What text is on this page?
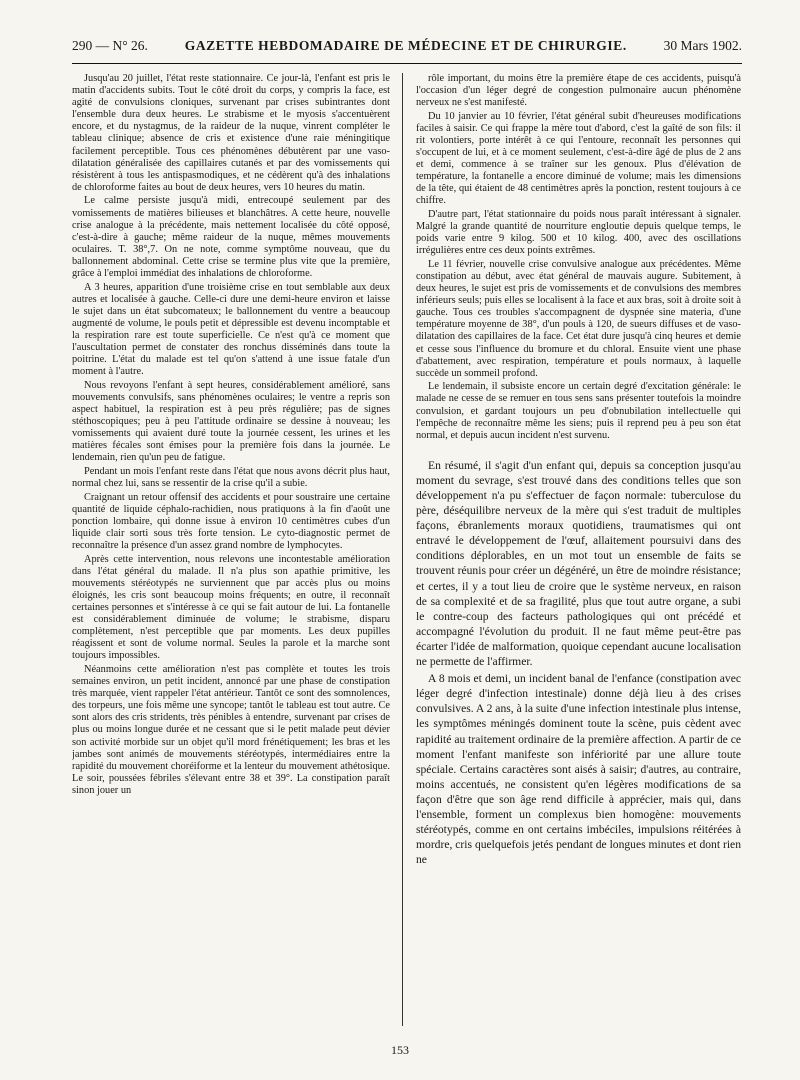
290 — N° 26.	GAZETTE HEBDOMADAIRE DE MÉDECINE ET DE CHIRURGIE.	30 Mars 1902.

Jusqu'au 20 juillet, l'état reste stationnaire. Ce jour-là, l'enfant est pris le matin d'accidents subits. Tout le côté droit du corps, y compris la face, est agité de convulsions cloniques, survenant par crises subintrantes dont l'ensemble dura deux heures. Le strabisme et le myosis s'accentuèrent encore, et du nystagmus, de la raideur de la nuque, vinrent compléter le tableau clinique; absence de cris et existence d'une raie méningitique facilement perceptible. Tous ces phénomènes débutèrent par une vaso-dilatation généralisée des capillaires cutanés et par des vomissements qui résistèrent à tous les antispasmodiques, et ne cédèrent qu'à des inhalations de chloroforme faites au bout de deux heures, vers 10 heures du matin.

Le calme persiste jusqu'à midi, entrecoupé seulement par des vomissements de matières bilieuses et blanchâtres. A cette heure, nouvelle crise analogue à la précédente, mais nettement localisée du côté opposé, c'est-à-dire à gauche; même raideur de la nuque, mêmes mouvements oculaires. T. 38°,7. On ne note, comme symptôme nouveau, que du ballonnement abdominal. Cette crise se termine plus vite que la première, grâce à l'emploi immédiat des inhalations de chloroforme.

A 3 heures, apparition d'une troisième crise en tout semblable aux deux autres et localisée à gauche. Celle-ci dure une demi-heure environ et laisse le sujet dans un état subcomateux; le ballonnement du ventre a beaucoup augmenté de volume, le pouls petit et dépressible est devenu incomptable et la respiration rare est toute superficielle. Ce n'est qu'à ce moment que l'auscultation permet de constater des ronchus disséminés dans toute la poitrine. L'état du malade est tel qu'on s'attend à une issue fatale d'un moment à l'autre.

Nous revoyons l'enfant à sept heures, considérablement amélioré, sans mouvements convulsifs, sans phénomènes oculaires; le ventre a repris son aspect habituel, la respiration est à peu près régulière; pas de signes stéthoscopiques; peu à peu l'attitude ordinaire se dessine à nouveau; les vomissements qui avaient duré toute la journée cessent, les urines et les matières fécales sont émises pour la première fois dans la journée. Le lendemain, rien qu'un peu de fatigue.

Pendant un mois l'enfant reste dans l'état que nous avons décrit plus haut, normal chez lui, sans se ressentir de la crise qu'il a subie.

Craignant un retour offensif des accidents et pour soustraire une certaine quantité de liquide céphalo-rachidien, nous pratiquons à la fin d'août une ponction lombaire, qui donne issue à environ 10 centimètres cubes d'un liquide clair sorti sous très forte tension. Le cyto-diagnostic permet de reconnaître la présence d'un assez grand nombre de lymphocytes.

Après cette intervention, nous relevons une incontestable amélioration dans l'état général du malade. Il n'a plus son apathie primitive, les mouvements stéréotypés ne surviennent que par accès plus ou moins éloignés, les cris sont beaucoup moins fréquents; en outre, il reconnaît certaines personnes et s'intéresse à ce qui se fait autour de lui. La fontanelle est considérablement diminuée de volume; le strabisme, disparu complètement, n'est perceptible que par moments. Les deux pupilles réagissent et sont de volume normal. Seules la parole et la marche sont toujours impossibles.

Néanmoins cette amélioration n'est pas complète et toutes les trois semaines environ, un petit incident, annoncé par une phase de constipation très marquée, vient rappeler l'état antérieur. Tantôt ce sont des somnolences, des torpeurs, une fois même une syncope; tantôt le tableau est tout autre. Ce sont alors des cris stridents, très pénibles à entendre, survenant par crises de plus ou moins longue durée et ne cessant que si le petit malade peut dévier son activité morbide sur un objet qu'il mord frénétiquement; les bras et les jambes sont animés de mouvements stéréotypés, intermédiaires entre la rapidité du mouvement choréiforme et la lenteur du mouvement athétosique. Le soir, poussées fébriles s'élevant entre 38 et 39°. La constipation paraît sinon jouer un

rôle important, du moins être la première étape de ces accidents, puisqu'à l'occasion d'un léger degré de congestion pulmonaire aucun phénomène nerveux ne s'est manifesté.

Du 10 janvier au 10 février, l'état général subit d'heureuses modifications faciles à saisir. Ce qui frappe la mère tout d'abord, c'est la gaîté de son fils: il rit volontiers, porte intérêt à ce qui l'entoure, reconnaît les personnes qui s'occupent de lui, et à ce moment seulement, c'est-à-dire âgé de plus de 2 ans et demi, commence à se traîner sur les genoux. Plus d'élévation de température, la fontanelle a encore diminué de volume; mais les dimensions de la tête, qui étaient de 48 centimètres après la ponction, restent toujours à ce chiffre.

D'autre part, l'état stationnaire du poids nous paraît intéressant à signaler. Malgré la grande quantité de nourriture engloutie depuis quelque temps, le poids varie entre 9 kilog. 500 et 10 kilog. 400, avec des oscillations irrégulières entre ces deux points extrêmes.

Le 11 février, nouvelle crise convulsive analogue aux précédentes. Même constipation au début, avec état général de mauvais augure. Subitement, à deux heures, le sujet est pris de vomissements et de convulsions des membres inférieurs seuls; puis elles se localisent à la face et aux bras, soit à droite soit à gauche. Tous ces troubles s'accompagnent de dyspnée sine materia, d'une température moyenne de 38°, d'un pouls à 120, de sueurs diffuses et de vaso-dilatation des capillaires de la face. Cet état dure jusqu'à cinq heures et demie et cesse sous l'influence du bromure et du chloral. Ensuite vient une phase d'abattement, avec respiration, température et pouls normaux, à laquelle succède un sommeil profond.

Le lendemain, il subsiste encore un certain degré d'excitation générale: le malade ne cesse de se remuer en tous sens sans présenter toutefois la moindre convulsion, et gardant toujours un peu d'obnubilation intellectuelle qui l'empêche de reconnaître même les siens; puis il reprend peu à peu son état normal, et depuis aucun incident n'est survenu.

En résumé, il s'agit d'un enfant qui, depuis sa conception jusqu'au moment du sevrage, s'est trouvé dans des conditions telles que son développement n'a pu s'effectuer de façon normale: tuberculose du père, déséquilibre nerveux de la mère qui s'est traduit de multiples façons, ébranlements moraux quotidiens, traumatismes qui ont entravé le développement de l'œuf, allaitement poursuivi dans des conditions déplorables, en un mot tout un ensemble de faits se trouvent réunis pour créer un dégénéré, un être de moindre résistance; et certes, il y a tout lieu de croire que le système nerveux, en raison de sa complexité et de sa fragilité, plus que tout autre organe, a subi le contre-coup des facteurs pathologiques qui ont précédé et accompagné l'évolution du produit. Il ne faut même peut-être pas écarter l'idée de malformation, quoique cependant aucune localisation ne permette de l'affirmer.

A 8 mois et demi, un incident banal de l'enfance (constipation avec léger degré d'infection intestinale) donne déjà lieu à des crises convulsives. A 2 ans, à la suite d'une infection intestinale plus intense, les symptômes méningés dominent toute la scène, puis cèdent avec rapidité au traitement ordinaire de la première affection. A partir de ce moment l'enfant manifeste son infériorité par une allure toute spéciale. Certains caractères sont aisés à saisir; d'autres, au contraire, moins accentués, ne consistent qu'en légères modifications de sa façon d'être que son âge rend difficile à apprécier, mais qui, dans l'ensemble, forment un complexus bien homogène: mouvements stéréotypés, comme en ont certains imbéciles, impulsions réitérées à mordre, cris quelquefois jetés pendant de longues minutes et dont rien ne

153
